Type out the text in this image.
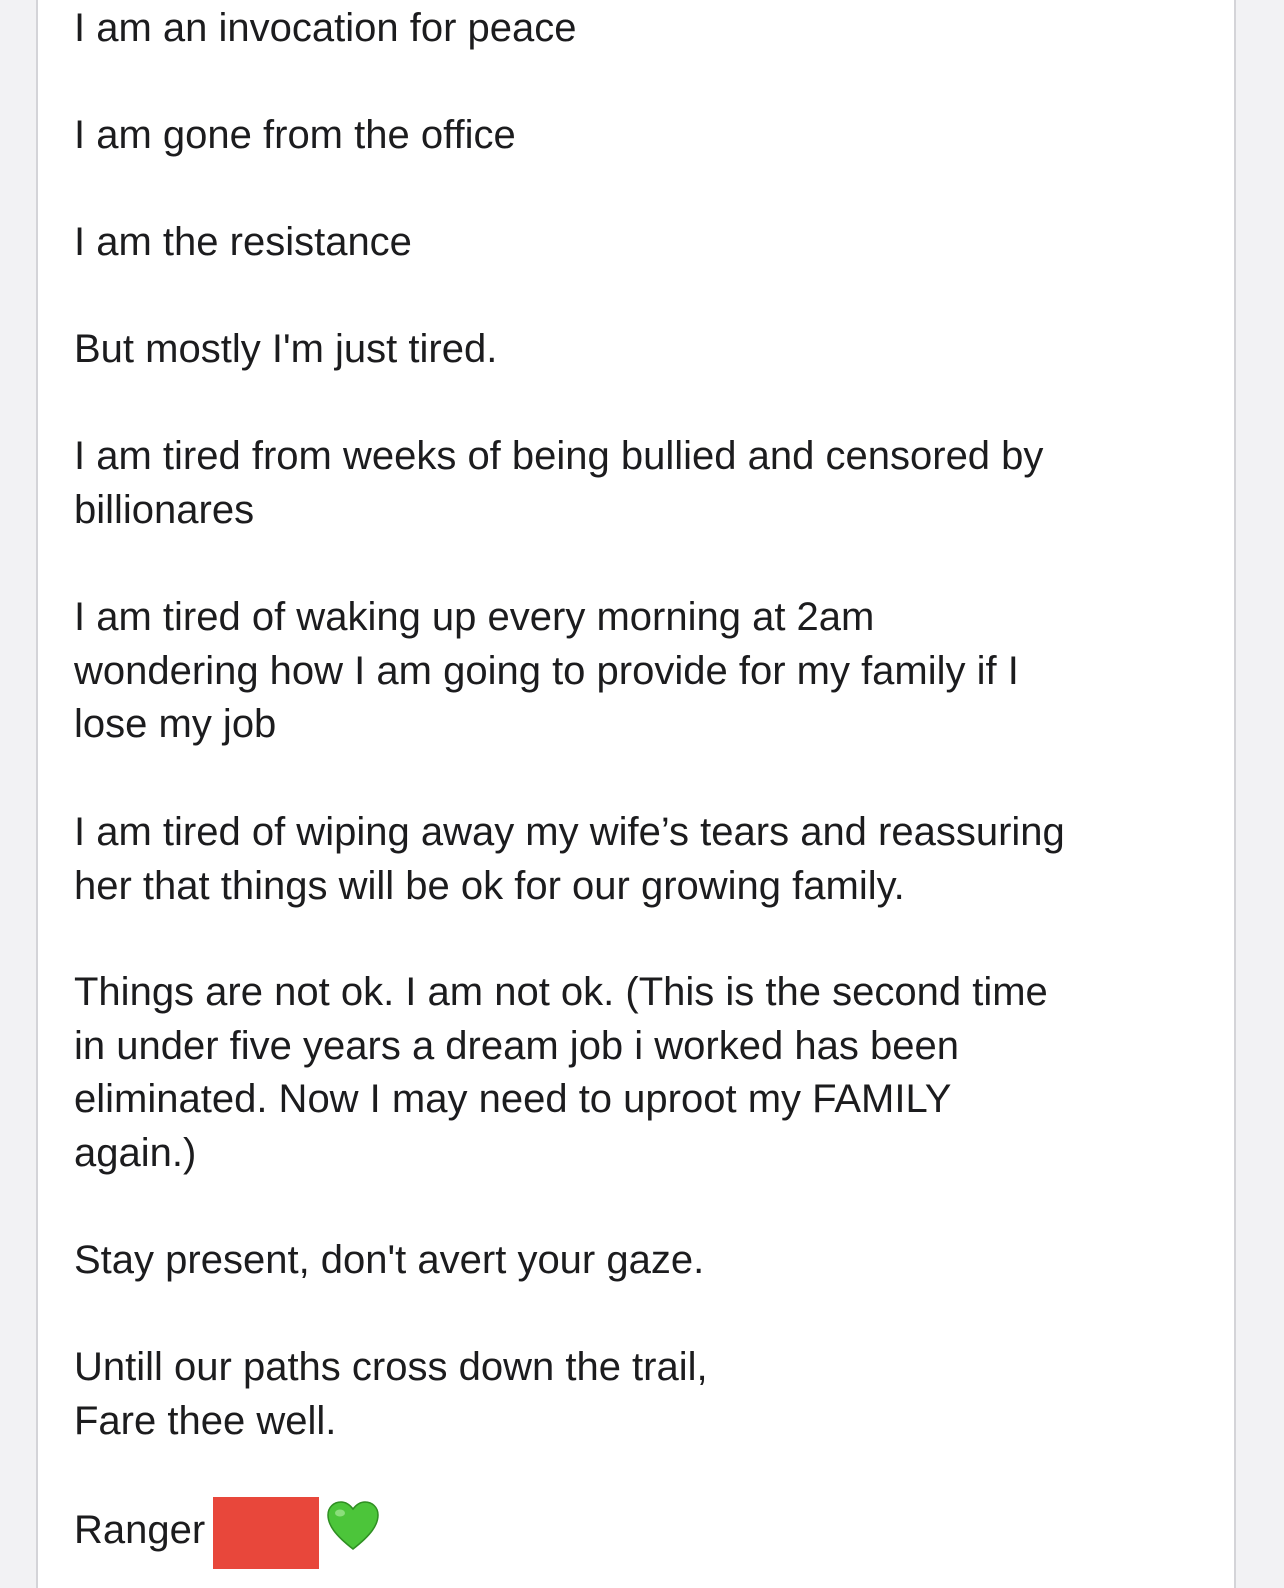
I am an invocation for peace

I am gone from the office

I am the resistance

But mostly I'm just tired.

I am tired from weeks of being bullied and censored by
billionares

I am tired of waking up every morning at 2am
wondering how I am going to provide for my family if I
lose my job

I am tired of wiping away my wife’s tears and reassuring
her that things will be ok for our growing family.

Things are not ok. I am not ok. (This is the second time
in under five years a dream job i worked has been
eliminated. Now I may need to uproot my FAMILY
again.)

Stay present, don't avert your gaze.

Untill our paths cross down the trail,
Fare thee well.

Ranger
